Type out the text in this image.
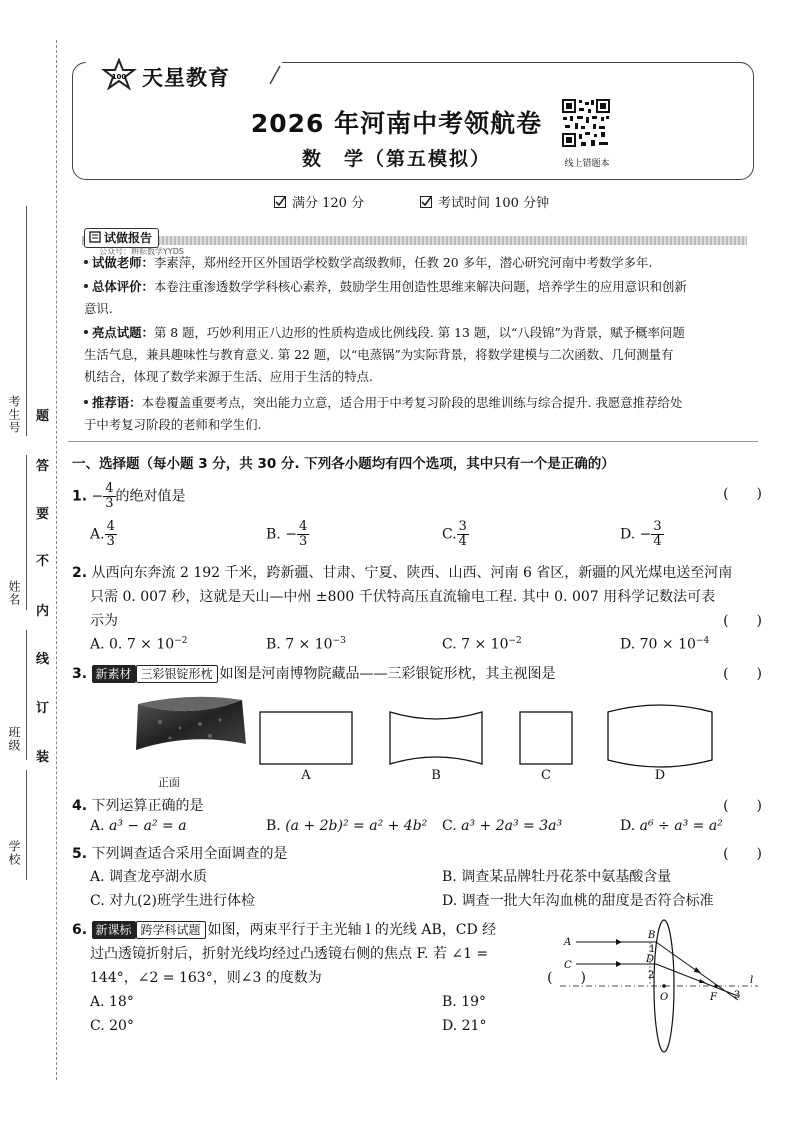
考生号
姓名
班级
学校
题
答
要
不
内
线
订
装
100 天星教育
2026 年河南中考领航卷
数　学（第五模拟）	线上错题本
满分 120 分	考试时间 100 分钟
试做报告
公众号：耕耘数学YYDS
试做老师：李素萍，郑州经开区外国语学校数学高级教师，任教 20 多年，潜心研究河南中考数学多年.
总体评价：本卷注重渗透数学学科核心素养，鼓励学生用创造性思维来解决问题，培养学生的应用意识和创新
意识.
亮点试题：第 8 题，巧妙利用正八边形的性质构造成比例线段. 第 13 题，以“八段锦”为背景，赋予概率问题
生活气息，兼具趣味性与教育意义. 第 22 题，以“电蒸锅”为实际背景，将数学建模与二次函数、几何测量有
机结合，体现了数学来源于生活、应用于生活的特点.
推荐语：本卷覆盖重要考点，突出能力立意，适合用于中考复习阶段的思维训练与综合提升. 我愿意推荐给处
于中考复习阶段的老师和学生们.
一、选择题（每小题 3 分，共 30 分. 下列各小题均有四个选项，其中只有一个是正确的）
1. − $\frac{4}{3}$ 的绝对值是	(　　)
A. $\frac{4}{3}$	B. − $\frac{4}{3}$	C. $\frac{3}{4}$	D. − $\frac{3}{4}$
2. 从西向东奔流 2 192 千米，跨新疆、甘肃、宁夏、陕西、山西、河南 6 省区，新疆的风光煤电送至河南
只需 0. 007 秒，这就是天山—中州 ±800 千伏特高压直流输电工程. 其中 0. 007 用科学记数法可表
示为	(　　)
A. 0. $7 \times 10^{-2}$	B. $7 \times 10^{-3}$	C. $7 \times 10^{-2}$	D. $70 \times 10^{-4}$
3. 新素材 三彩银锭形枕 如图是河南博物院藏品——三彩银锭形枕，其主视图是	(　　)
正面	A	B	C	D
4. 下列运算正确的是	(　　)
A. a³ − a² = a	B. (a + 2b)² = a² + 4b² C. a³ + 2a³ = 3a³	D. a⁶ ÷ a³ = a²
5. 下列调查适合采用全面调查的是	(　　)
A. 调查龙亭湖水质	B. 调查某品牌牡丹花茶中氨基酸含量
C. 对九(2)班学生进行体检	D. 调查一批大年沟血桃的甜度是否符合标准
6. 新课标 跨学科试题 如图，两束平行于主光轴 l 的光线 AB，CD 经
过凸透镜折射后，折射光线均经过凸透镜右侧的焦点 F. 若 ∠1 =
144°，∠2 = 163°，则∠3 的度数为	(　　)
A. 18°	B. 19°
C. 20°	D. 21°
A
B
C
D
1
2
O	F 3
l
